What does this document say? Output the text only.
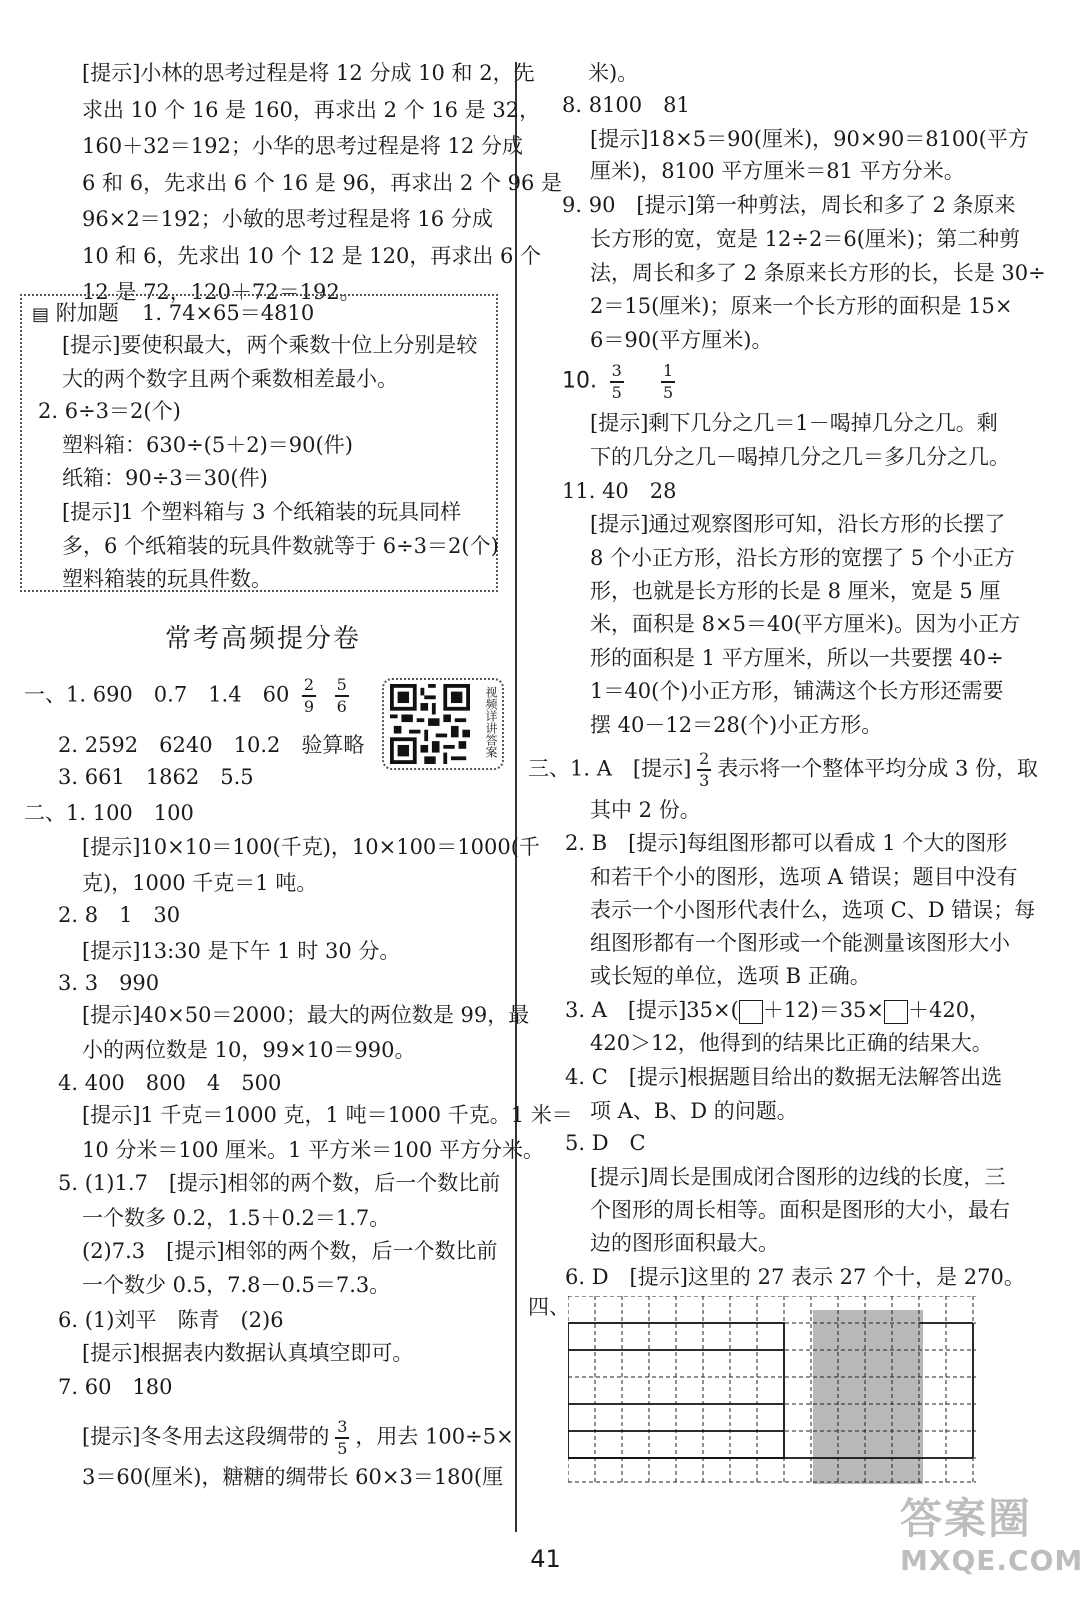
[提示]小林的思考过程是将 12 分成 10 和 2，先
求出 10 个 16 是 160，再求出 2 个 16 是 32，
160＋32＝192；小华的思考过程是将 12 分成
6 和 6，先求出 6 个 16 是 96，再求出 2 个 96 是
96×2＝192；小敏的思考过程是将 16 分成
10 和 6，先求出 10 个 12 是 120，再求出 6 个
12 是 72，120＋72＝192。
▤ 附加题 1. 74×65＝4810
[提示]要使积最大，两个乘数十位上分别是较
大的两个数字且两个乘数相差最小。
2. 6÷3＝2(个)
塑料箱：630÷(5＋2)＝90(件)
纸箱：90÷3＝30(件)
[提示]1 个塑料箱与 3 个纸箱装的玩具同样
多，6 个纸箱装的玩具件数就等于 6÷3＝2(个)
塑料箱装的玩具件数。
常考高频提分卷
视频详讲答案
一、1. 690　0.7　1.4　$60 \frac{2}{9}$
$\frac{5}{6}$
2. 2592　6240　10.2　验算略
3. 661　1862　5.5
二、1. 100　100
[提示]10×10＝100(千克)，10×100＝1000(千
克)，1000 千克＝1 吨。
2. 8　1　30
[提示]13:30 是下午 1 时 30 分。
3. 3　990
[提示]40×50＝2000；最大的两位数是 99，最
小的两位数是 10，99×10＝990。
4. 400　800　4　500
[提示]1 千克＝1000 克，1 吨＝1000 千克。1 米＝
10 分米＝100 厘米。1 平方米＝100 平方分米。
5. (1)1.7　[提示]相邻的两个数，后一个数比前
一个数多 0.2，1.5＋0.2＝1.7。
(2)7.3　[提示]相邻的两个数，后一个数比前
一个数少 0.5，7.8－0.5＝7.3。
6. (1)刘平　陈青　(2)6
[提示]根据表内数据认真填空即可。
7. 60　180
[提示]冬冬用去这段绸带的 $\frac{3}{5}$ ，用去 100÷5×
3＝60(厘米)，糖糖的绸带长 60×3＝180(厘
米)。
8. 8100　81
[提示]18×5＝90(厘米)，90×90＝8100(平方
厘米)，8100 平方厘米＝81 平方分米。
9. 90　[提示]第一种剪法，周长和多了 2 条原来
长方形的宽，宽是 12÷2＝6(厘米)；第二种剪
法，周长和多了 2 条原来长方形的长，长是 30÷
2＝15(厘米)；原来一个长方形的面积是 15×
6＝90(平方厘米)。
10. $\frac{3}{5}$
$\frac{1}{5}$
[提示]剩下几分之几＝1－喝掉几分之几。剩
下的几分之几－喝掉几分之几＝多几分之几。
11. 40　28
[提示]通过观察图形可知，沿长方形的长摆了
8 个小正方形，沿长方形的宽摆了 5 个小正方
形，也就是长方形的长是 8 厘米，宽是 5 厘
米，面积是 8×5＝40(平方厘米)。因为小正方
形的面积是 1 平方厘米，所以一共要摆 40÷
1＝40(个)小正方形，铺满这个长方形还需要
摆 40－12＝28(个)小正方形。
三、1. A　[提示] $\frac{2}{3}$ 表示将一个整体平均分成 3 份，取
其中 2 份。
2. B　[提示]每组图形都可以看成 1 个大的图形
和若干个小的图形，选项 A 错误；题目中没有
表示一个小图形代表什么，选项 C、D 错误；每
组图形都有一个图形或一个能测量该图形大小
或长短的单位，选项 B 正确。
3. A　[提示]35×( ＋12)＝35× ＋420，
420＞12，他得到的结果比正确的结果大。
4. C　[提示]根据题目给出的数据无法解答出选
项 A、B、D 的问题。
5. D　C
[提示]周长是围成闭合图形的边线的长度，三
个图形的周长相等。面积是图形的大小，最右
边的图形面积最大。
6. D　[提示]这里的 27 表示 27 个十，是 270。
四、
41
答案圈
MXQE.COM
